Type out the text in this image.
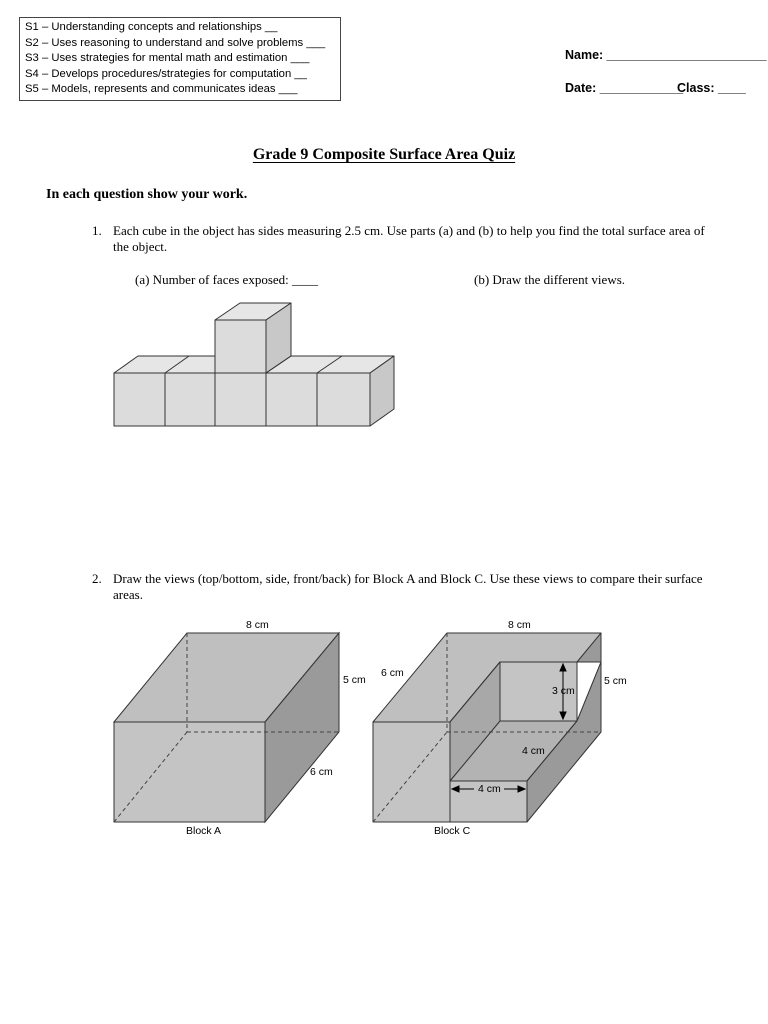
S1 – Understanding concepts and relationships __
S2 – Uses reasoning to understand and solve problems ___
S3 – Uses strategies for mental math and estimation ___
S4 – Develops procedures/strategies for computation __
S5 – Models, represents and communicates ideas ___
Name: _______________________
Date: ____________
Class: ____
Grade 9 Composite Surface Area Quiz
In each question show your work.
1. Each cube in the object has sides measuring 2.5 cm. Use parts (a) and (b) to help you find the total surface area of the object.
(a) Number of faces exposed: ____	(b) Draw the different views.
2. Draw the views (top/bottom, side, front/back) for Block A and Block C. Use these views to compare their surface areas.
8 cm
5 cm
6 cm
Block A
8 cm
6 cm
5 cm
3 cm
4 cm
4 cm
Block C
